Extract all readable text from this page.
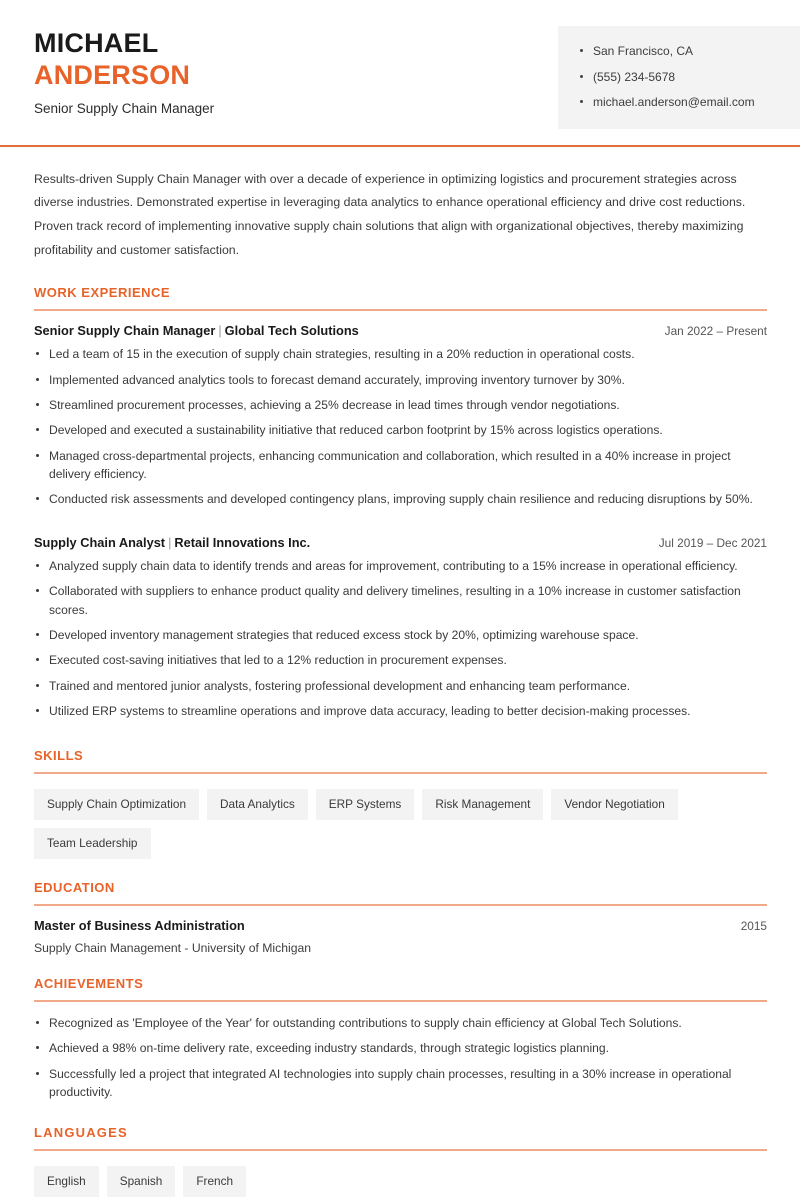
MICHAEL
ANDERSON
Senior Supply Chain Manager
San Francisco, CA
(555) 234-5678
michael.anderson@email.com

Results-driven Supply Chain Manager with over a decade of experience in optimizing logistics and procurement strategies across diverse industries. Demonstrated expertise in leveraging data analytics to enhance operational efficiency and drive cost reductions. Proven track record of implementing innovative supply chain solutions that align with organizational objectives, thereby maximizing profitability and customer satisfaction.

WORK EXPERIENCE
Senior Supply Chain Manager | Global Tech Solutions	Jan 2022 – Present
Led a team of 15 in the execution of supply chain strategies, resulting in a 20% reduction in operational costs.
Implemented advanced analytics tools to forecast demand accurately, improving inventory turnover by 30%.
Streamlined procurement processes, achieving a 25% decrease in lead times through vendor negotiations.
Developed and executed a sustainability initiative that reduced carbon footprint by 15% across logistics operations.
Managed cross-departmental projects, enhancing communication and collaboration, which resulted in a 40% increase in project delivery efficiency.
Conducted risk assessments and developed contingency plans, improving supply chain resilience and reducing disruptions by 50%.
Supply Chain Analyst | Retail Innovations Inc.	Jul 2019 – Dec 2021
Analyzed supply chain data to identify trends and areas for improvement, contributing to a 15% increase in operational efficiency.
Collaborated with suppliers to enhance product quality and delivery timelines, resulting in a 10% increase in customer satisfaction scores.
Developed inventory management strategies that reduced excess stock by 20%, optimizing warehouse space.
Executed cost-saving initiatives that led to a 12% reduction in procurement expenses.
Trained and mentored junior analysts, fostering professional development and enhancing team performance.
Utilized ERP systems to streamline operations and improve data accuracy, leading to better decision-making processes.
SKILLS
Supply Chain Optimization	Data Analytics	ERP Systems	Risk Management	Vendor Negotiation
Team Leadership
EDUCATION
Master of Business Administration	2015
Supply Chain Management - University of Michigan
ACHIEVEMENTS
Recognized as 'Employee of the Year' for outstanding contributions to supply chain efficiency at Global Tech Solutions.
Achieved a 98% on-time delivery rate, exceeding industry standards, through strategic logistics planning.
Successfully led a project that integrated AI technologies into supply chain processes, resulting in a 30% increase in operational productivity.
LANGUAGES
English	Spanish	French
